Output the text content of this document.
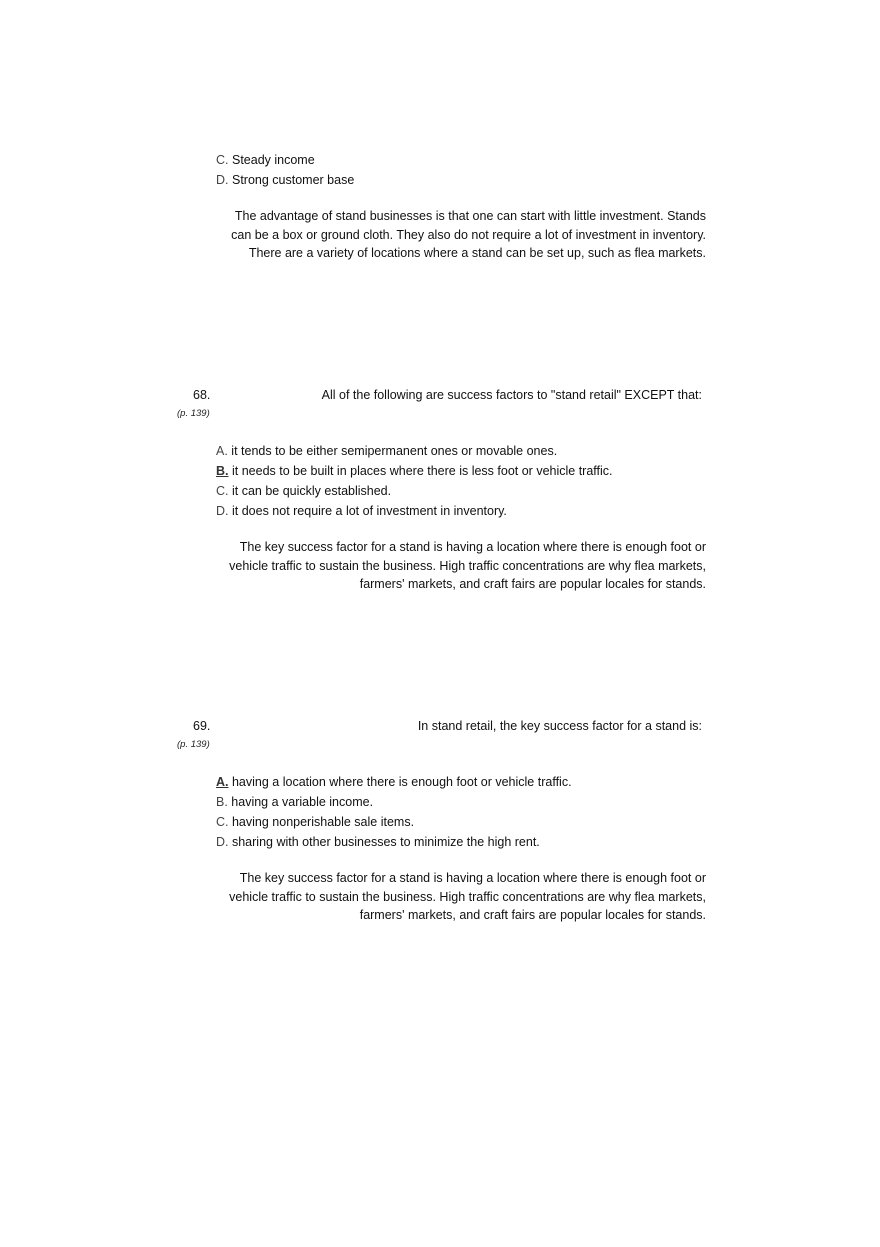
C. Steady income
D. Strong customer base
The advantage of stand businesses is that one can start with little investment. Stands
can be a box or ground cloth. They also do not require a lot of investment in inventory.
There are a variety of locations where a stand can be set up, such as flea markets.
68.
(p. 139)
All of the following are success factors to "stand retail" EXCEPT that:
A. it tends to be either semipermanent ones or movable ones.
B. it needs to be built in places where there is less foot or vehicle traffic.
C. it can be quickly established.
D. it does not require a lot of investment in inventory.
The key success factor for a stand is having a location where there is enough foot or
vehicle traffic to sustain the business. High traffic concentrations are why flea markets,
farmers' markets, and craft fairs are popular locales for stands.
69.
(p. 139)
In stand retail, the key success factor for a stand is:
A. having a location where there is enough foot or vehicle traffic.
B. having a variable income.
C. having nonperishable sale items.
D. sharing with other businesses to minimize the high rent.
The key success factor for a stand is having a location where there is enough foot or
vehicle traffic to sustain the business. High traffic concentrations are why flea markets,
farmers' markets, and craft fairs are popular locales for stands.
